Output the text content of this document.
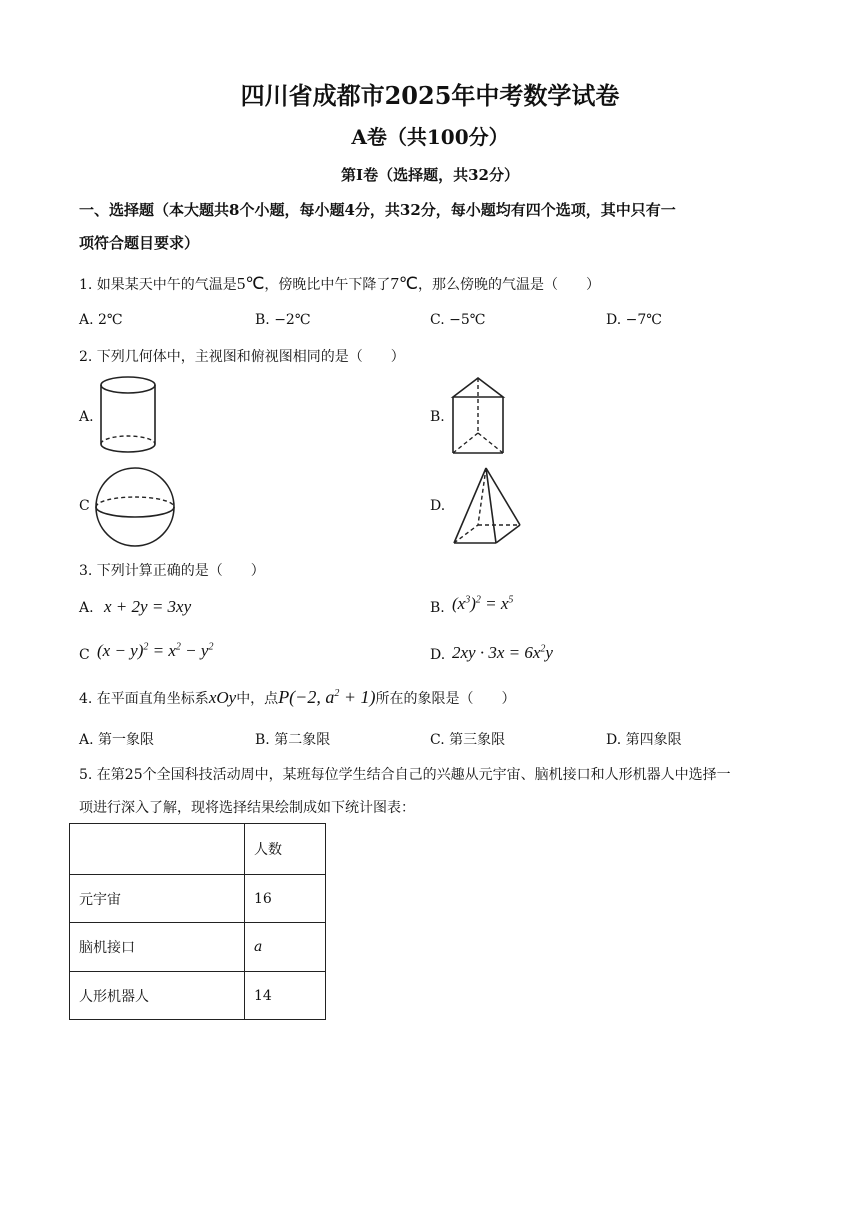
四川省成都市2025年中考数学试卷
A卷（共100分）
第Ⅰ卷（选择题，共32分）
一、选择题（本大题共8个小题，每小题4分，共32分，每小题均有四个选项，其中只有一
项符合题目要求）
1. 如果某天中午的气温是5℃，傍晚比中午下降了7℃，那么傍晚的气温是（　　）
A. 2℃	B. −2℃	C. −5℃	D. −7℃
2. 下列几何体中，主视图和俯视图相同的是（　　）
A.	B.
C	D.
3. 下列计算正确的是（　　）
A. x + 2y = 3xy	B. $(x^3)^2 = x^5$
C $(x - y)^2 = x^2 - y^2$
D. $2xy \cdot 3x = 6x^2y$
4. 在平面直角坐标系xOy中，点P(−2, $a^2 + 1$)所在的象限是（　　）
A. 第一象限	B. 第二象限	C. 第三象限	D. 第四象限
5. 在第25个全国科技活动周中，某班每位学生结合自己的兴趣从元宇宙、脑机接口和人形机器人中选择一
项进行深入了解，现将选择结果绘制成如下统计图表：
	人数
元宇宙	16
脑机接口	a
人形机器人	14
